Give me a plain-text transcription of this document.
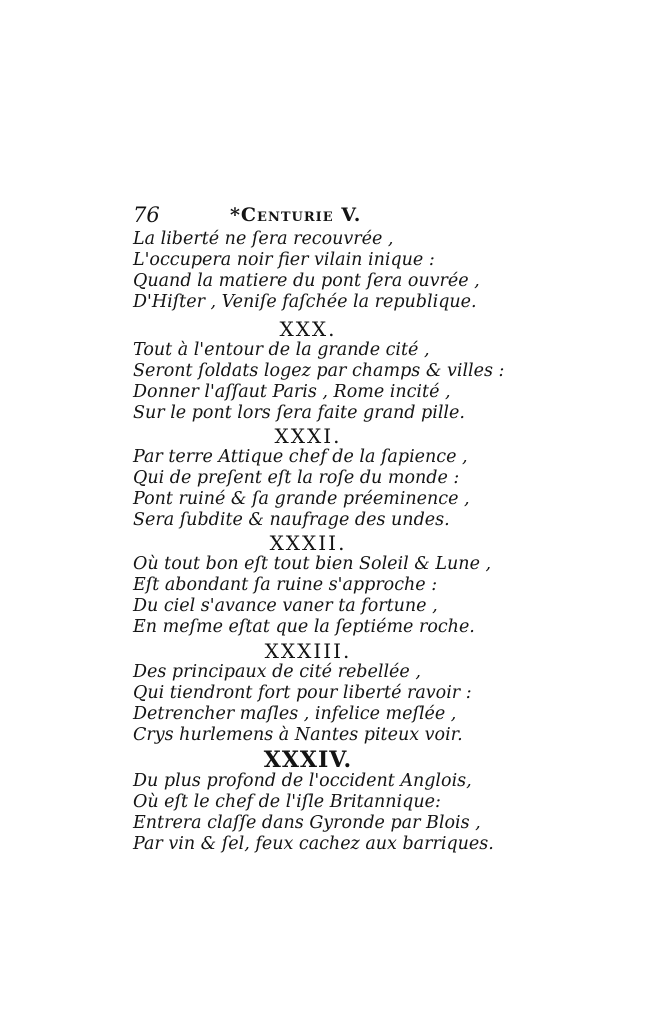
76	*Centurie V.
La liberté ne ſera recouvrée ,
L'occupera noir fier vilain inique :
Quand la matiere du pont ſera ouvrée ,
D'Hiſter , Veniſe faſchée la republique.
XXX.
Tout à l'entour de la grande cité ,
Seront ſoldats logez par champs & villes :
Donner l'aſſaut Paris , Rome incité ,
Sur le pont lors ſera faite grand pille.
XXXI.
Par terre Attique chef de la ſapience ,
Qui de preſent eſt la roſe du monde :
Pont ruiné & ſa grande préeminence ,
Sera ſubdite & naufrage des undes.
XXXII.
Où tout bon eſt tout bien Soleil & Lune ,
Eſt abondant ſa ruine s'approche :
Du ciel s'avance vaner ta fortune ,
En meſme eſtat que la ſeptiéme roche.
XXXIII.
Des principaux de cité rebellée ,
Qui tiendront fort pour liberté ravoir :
Detrencher maſles , infelice meſlée ,
Crys hurlemens à Nantes piteux voir.
XXXIV.
Du plus profond de l'occident Anglois,
Où eſt le chef de l'iſle Britannique:
Entrera claſſe dans Gyronde par Blois ,
Par vin & ſel, feux cachez aux barriques.
